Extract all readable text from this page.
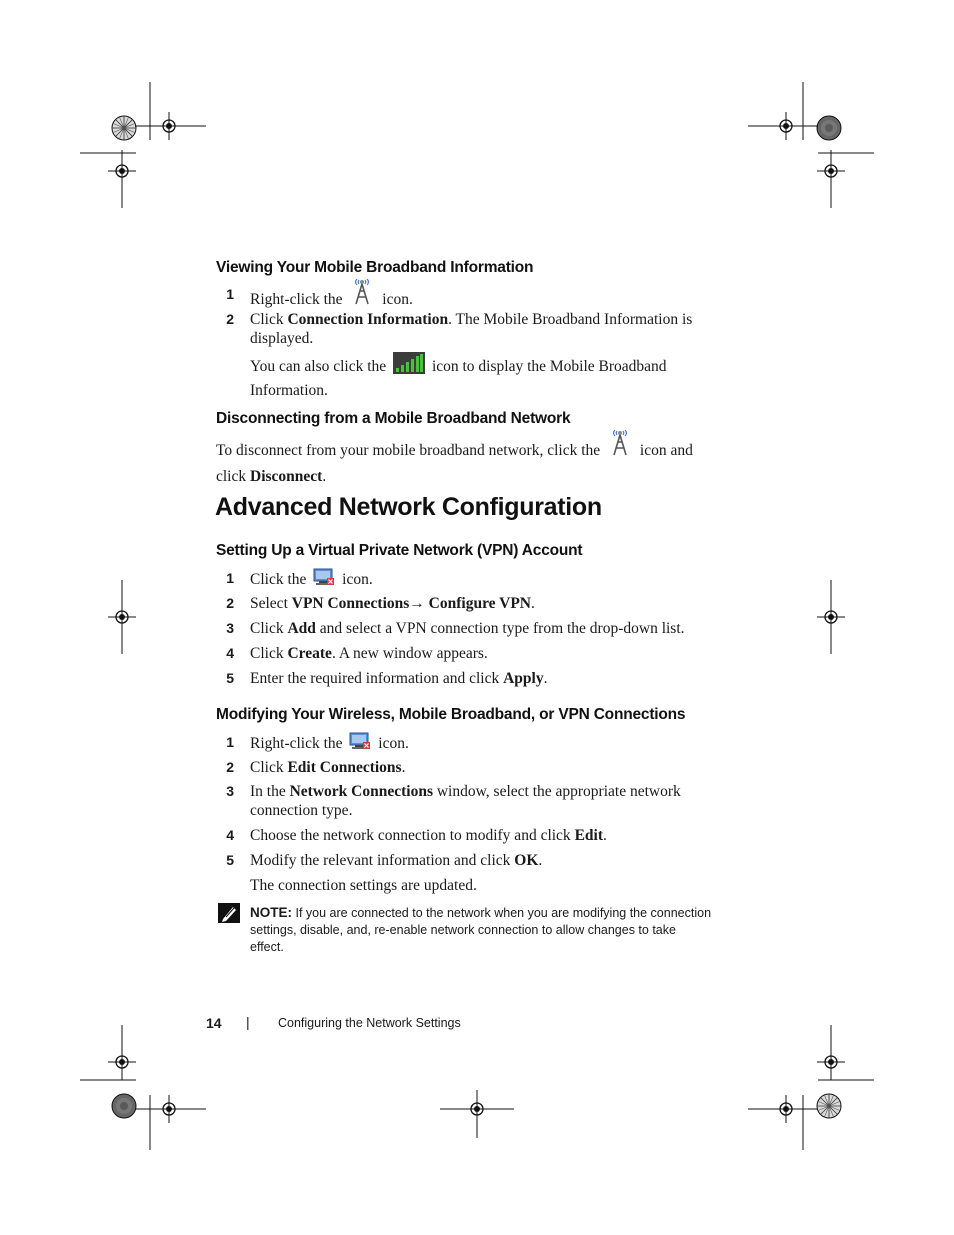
Viewing Your Mobile Broadband Information
1 Right-click the	icon.
2 Click Connection Information. The Mobile Broadband Information is
displayed.
You can also click the	icon to display the Mobile Broadband
Information.
Disconnecting from a Mobile Broadband Network
To disconnect from your mobile broadband network, click the	icon and
click Disconnect.
Advanced Network Configuration
Setting Up a Virtual Private Network (VPN) Account
1 Click the icon.
2 Select VPN Connections→ Configure VPN.
3 Click Add and select a VPN connection type from the drop-down list.
4 Click Create. A new window appears.
5 Enter the required information and click Apply.
Modifying Your Wireless, Mobile Broadband, or VPN Connections
1 Right-click the icon.
2 Click Edit Connections.
3 In the Network Connections window, select the appropriate network
connection type.
4 Choose the network connection to modify and click Edit.
5 Modify the relevant information and click OK.
The connection settings are updated.
NOTE: If you are connected to the network when you are modifying the connection
settings, disable, and, re-enable network connection to allow changes to take
effect.
14 | Configuring the Network Settings
